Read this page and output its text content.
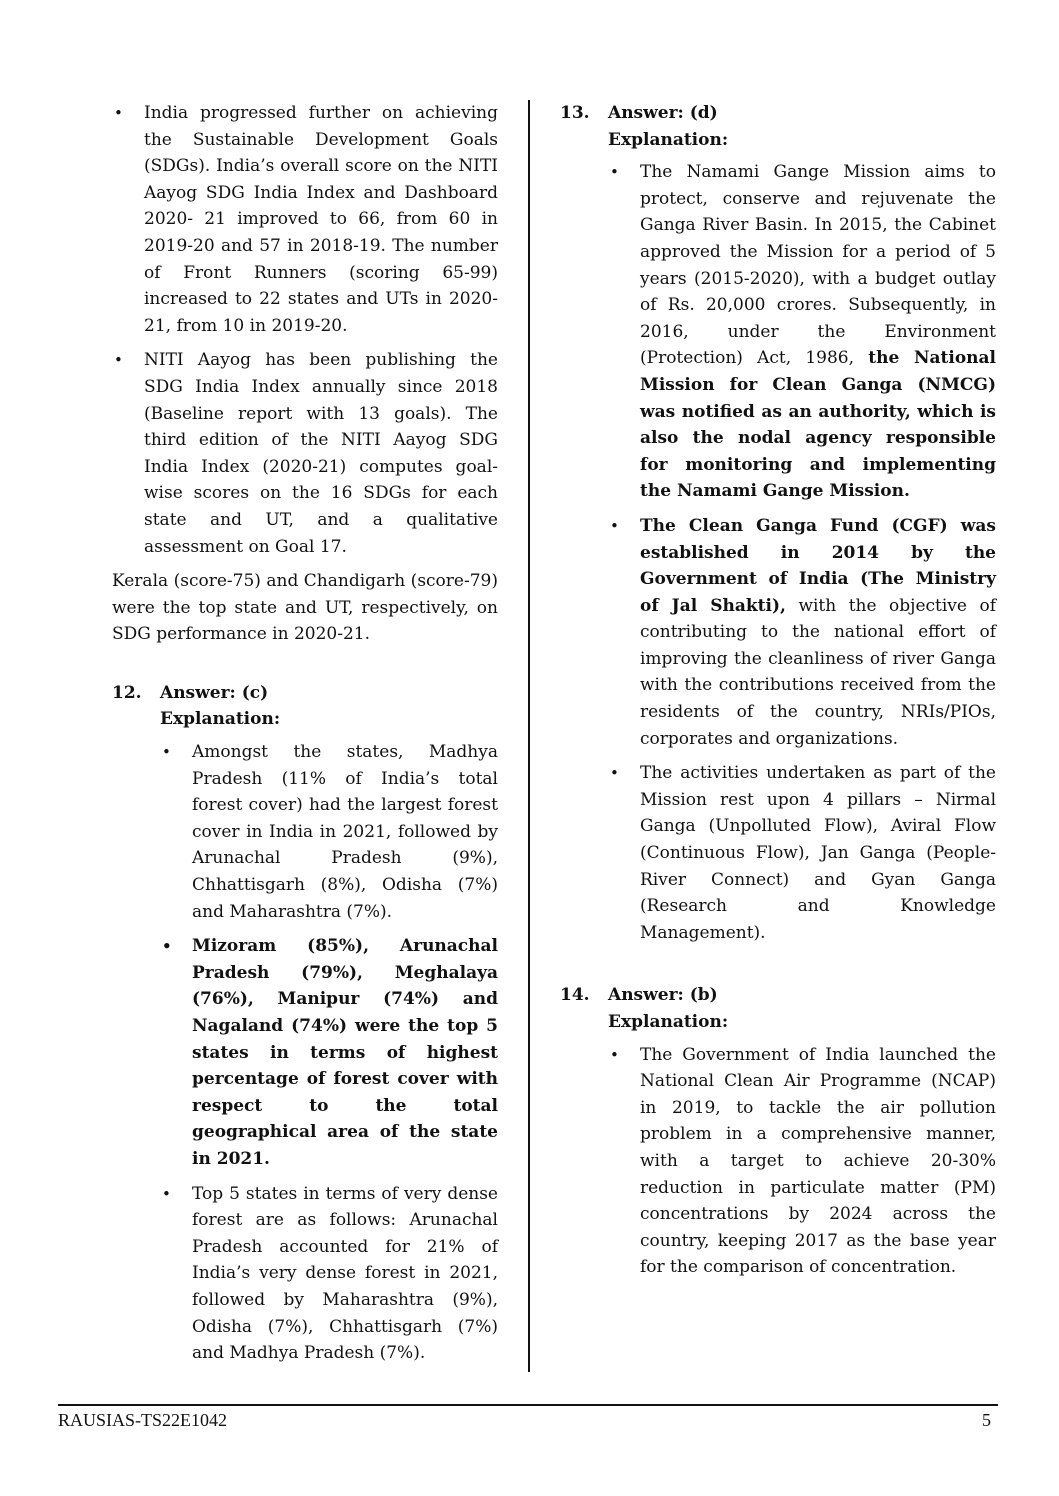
• India progressed further on achieving the Sustainable Development Goals (SDGs). India’s overall score on the NITI Aayog SDG India Index and Dashboard 2020- 21 improved to 66, from 60 in 2019-20 and 57 in 2018-19. The number of Front Runners (scoring 65-99) increased to 22 states and UTs in 2020-21, from 10 in 2019-20.
• NITI Aayog has been publishing the SDG India Index annually since 2018 (Baseline report with 13 goals). The third edition of the NITI Aayog SDG India Index (2020-21) computes goal-wise scores on the 16 SDGs for each state and UT, and a qualitative assessment on Goal 17.

Kerala (score-75) and Chandigarh (score-79) were the top state and UT, respectively, on SDG performance in 2020-21.

12. Answer: (c)

Explanation:

• Amongst the states, Madhya Pradesh (11% of India’s total forest cover) had the largest forest cover in India in 2021, followed by Arunachal Pradesh (9%), Chhattisgarh (8%), Odisha (7%) and Maharashtra (7%).
• Mizoram (85%), Arunachal Pradesh (79%), Meghalaya (76%), Manipur (74%) and Nagaland (74%) were the top 5 states in terms of highest percentage of forest cover with respect to the total geographical area of the state in 2021.
• Top 5 states in terms of very dense forest are as follows: Arunachal Pradesh accounted for 21% of India’s very dense forest in 2021, followed by Maharashtra (9%), Odisha (7%), Chhattisgarh (7%) and Madhya Pradesh (7%).
13. Answer: (d)

Explanation:

• The Namami Gange Mission aims to protect, conserve and rejuvenate the Ganga River Basin. In 2015, the Cabinet approved the Mission for a period of 5 years (2015-2020), with a budget outlay of Rs. 20,000 crores. Subsequently, in 2016, under the Environment (Protection) Act, 1986, the National Mission for Clean Ganga (NMCG) was notified as an authority, which is also the nodal agency responsible for monitoring and implementing the Namami Gange Mission.
• The Clean Ganga Fund (CGF) was established in 2014 by the Government of India (The Ministry of Jal Shakti), with the objective of contributing to the national effort of improving the cleanliness of river Ganga with the contributions received from the residents of the country, NRIs/PIOs, corporates and organizations.
• The activities undertaken as part of the Mission rest upon 4 pillars – Nirmal Ganga (Unpolluted Flow), Aviral Flow (Continuous Flow), Jan Ganga (People-River Connect) and Gyan Ganga (Research and Knowledge Management).
14. Answer: (b)

Explanation:

• The Government of India launched the National Clean Air Programme (NCAP) in 2019, to tackle the air pollution problem in a comprehensive manner, with a target to achieve 20-30% reduction in particulate matter (PM) concentrations by 2024 across the country, keeping 2017 as the base year for the comparison of concentration.
RAUSIAS-TS22E1042	5
